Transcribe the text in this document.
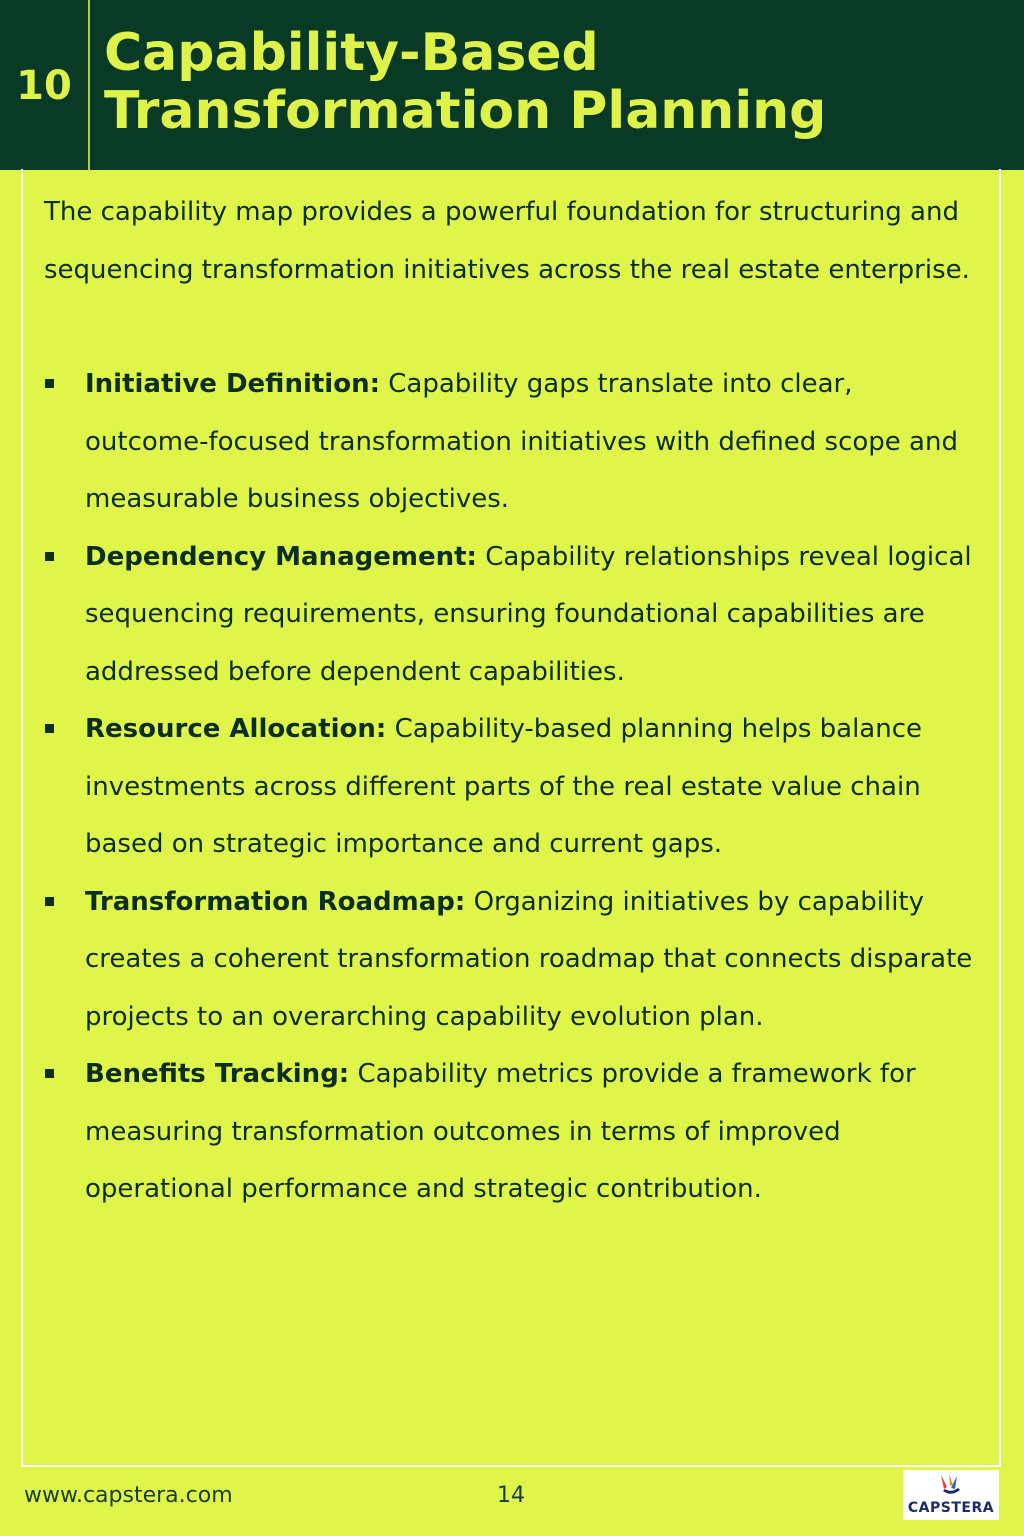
10
Capability-Based Transformation Planning

The capability map provides a powerful foundation for structuring and sequencing transformation initiatives across the real estate enterprise.

Initiative Definition: Capability gaps translate into clear, outcome-focused transformation initiatives with defined scope and measurable business objectives.
Dependency Management: Capability relationships reveal logical sequencing requirements, ensuring foundational capabilities are addressed before dependent capabilities.
Resource Allocation: Capability-based planning helps balance investments across different parts of the real estate value chain based on strategic importance and current gaps.
Transformation Roadmap: Organizing initiatives by capability creates a coherent transformation roadmap that connects disparate projects to an overarching capability evolution plan.
Benefits Tracking: Capability metrics provide a framework for measuring transformation outcomes in terms of improved operational performance and strategic contribution.
www.capstera.com	14	CAPSTERA
